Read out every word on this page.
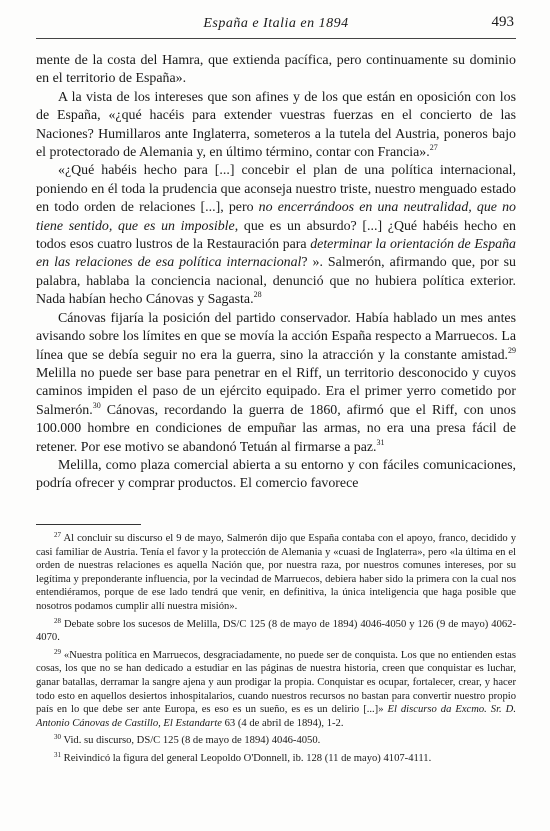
España e Italia en 1894	493

mente de la costa del Hamra, que extienda pacífica, pero continuamente su dominio en el territorio de España».

A la vista de los intereses que son afines y de los que están en oposición con los de España, «¿qué hacéis para extender vuestras fuerzas en el concierto de las Naciones? Humillaros ante Inglaterra, someteros a la tutela del Austria, poneros bajo el protectorado de Alemania y, en último término, contar con Francia».$^{27}$

«¿Qué habéis hecho para [...] concebir el plan de una política internacional, poniendo en él toda la prudencia que aconseja nuestro triste, nuestro menguado estado en todo orden de relaciones [...], pero no encerrándoos en una neutralidad, que no tiene sentido, que es un imposible, que es un absurdo? [...] ¿Qué habéis hecho en todos esos cuatro lustros de la Restauración para determinar la orientación de España en las relaciones de esa política internacional? ». Salmerón, afirmando que, por su palabra, hablaba la conciencia nacional, denunció que no hubiera política exterior. Nada habían hecho Cánovas y Sagasta.$^{28}$

Cánovas fijaría la posición del partido conservador. Había hablado un mes antes avisando sobre los límites en que se movía la acción España respecto a Marruecos. La línea que se debía seguir no era la guerra, sino la atracción y la constante amistad.$^{29}$ Melilla no puede ser base para penetrar en el Riff, un territorio desconocido y cuyos caminos impiden el paso de un ejército equipado. Era el primer yerro cometido por Salmerón.$^{30}$ Cánovas, recordando la guerra de 1860, afirmó que el Riff, con unos 100.000 hombre en condiciones de empuñar las armas, no era una presa fácil de retener. Por ese motivo se abandonó Tetuán al firmarse a paz.$^{31}$

Melilla, como plaza comercial abierta a su entorno y con fáciles comunicaciones, podría ofrecer y comprar productos. El comercio favorece

$^{27}$ Al concluir su discurso el 9 de mayo, Salmerón dijo que España contaba con el apoyo, franco, decidido y casi familiar de Austria. Tenía el favor y la protección de Alemania y «cuasi de Inglaterra», pero «la última en el orden de nuestras relaciones es aquella Nación que, por nuestra raza, por nuestros comunes intereses, por su legítima y preponderante influencia, por la vecindad de Marruecos, debiera haber sido la primera con la cual nos entendiéramos, porque de ese lado tendrá que venir, en definitiva, la única inteligencia que haga posible que nosotros podamos cumplir allí nuestra misión».

$^{28}$ Debate sobre los sucesos de Melilla, DS/C 125 (8 de mayo de 1894) 4046-4050 y 126 (9 de mayo) 4062-4070.

$^{29}$ «Nuestra política en Marruecos, desgraciadamente, no puede ser de conquista. Los que no entienden estas cosas, los que no se han dedicado a estudiar en las páginas de nuestra historia, creen que conquistar es luchar, ganar batallas, derramar la sangre ajena y aun prodigar la propia. Conquistar es ocupar, fortalecer, crear, y hacer todo esto en aquellos desiertos inhospitalarios, cuando nuestros recursos no bastan para convertir nuestro propio país en lo que debe ser ante Europa, es eso es un sueño, es es un delirio [...]» El discurso da Excmo. Sr. D. Antonio Cánovas de Castillo, El Estandarte 63 (4 de abril de 1894), 1-2.

$^{30}$ Vid. su discurso, DS/C 125 (8 de mayo de 1894) 4046-4050.

$^{31}$ Reivindicó la figura del general Leopoldo O'Donnell, ib. 128 (11 de mayo) 4107-4111.
